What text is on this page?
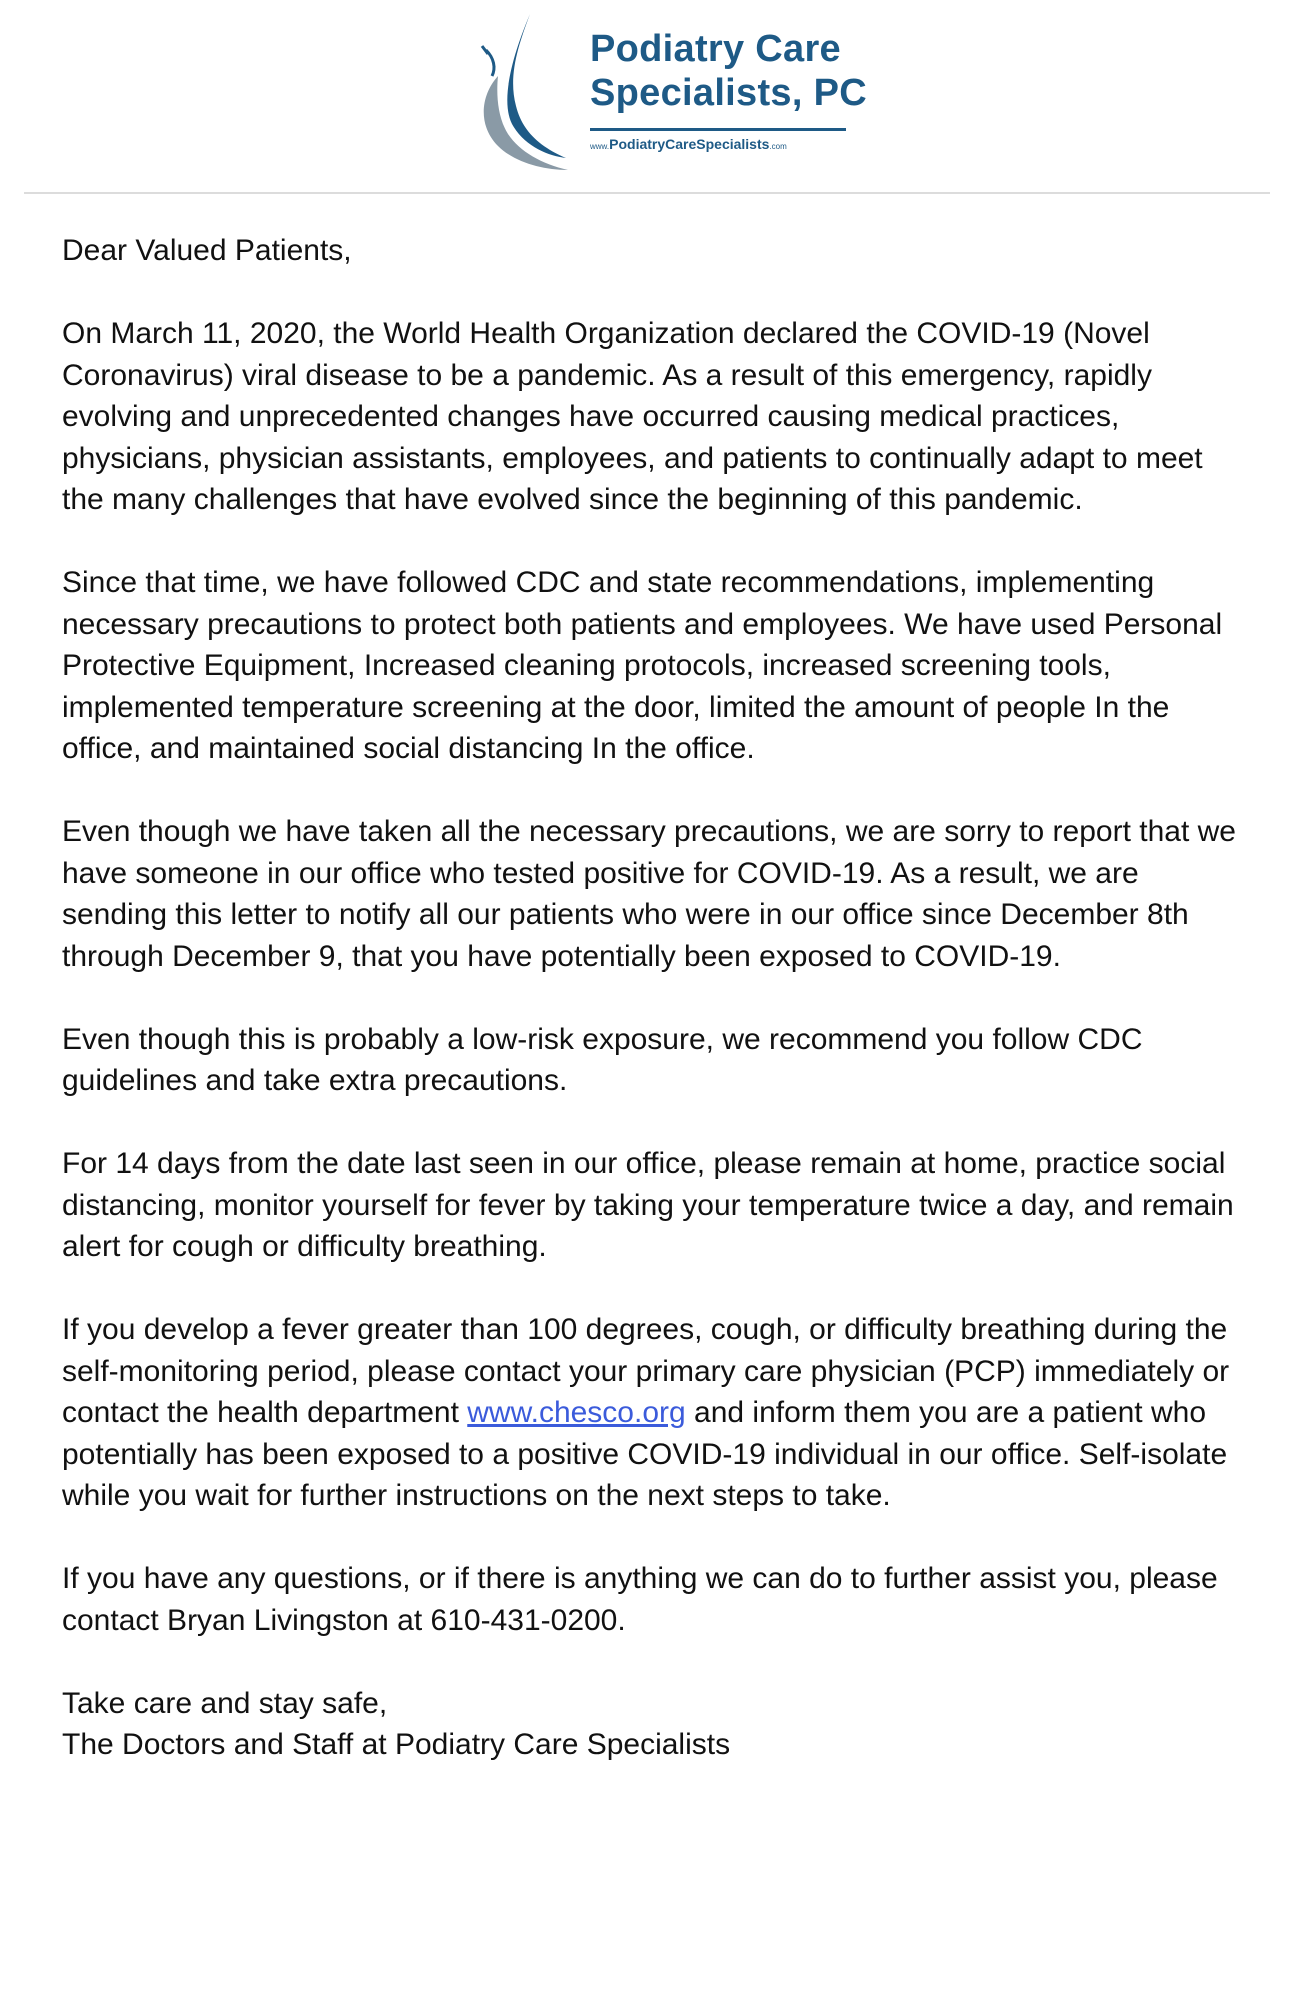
Podiatry Care
Specialists, PC
www.PodiatryCareSpecialists.com

Dear Valued Patients,

On March 11, 2020, the World Health Organization declared the COVID-19 (Novel Coronavirus) viral disease to be a pandemic. As a result of this emergency, rapidly evolving and unprecedented changes have occurred causing medical practices, physicians, physician assistants, employees, and patients to continually adapt to meet the many challenges that have evolved since the beginning of this pandemic.

Since that time, we have followed CDC and state recommendations, implementing necessary precautions to protect both patients and employees. We have used Personal Protective Equipment, Increased cleaning protocols, increased screening tools, implemented temperature screening at the door, limited the amount of people In the office, and maintained social distancing In the office.

Even though we have taken all the necessary precautions, we are sorry to report that we have someone in our office who tested positive for COVID-19. As a result, we are sending this letter to notify all our patients who were in our office since December 8th through December 9, that you have potentially been exposed to COVID-19.

Even though this is probably a low-risk exposure, we recommend you follow CDC guidelines and take extra precautions.

For 14 days from the date last seen in our office, please remain at home, practice social distancing, monitor yourself for fever by taking your temperature twice a day, and remain alert for cough or difficulty breathing.

If you develop a fever greater than 100 degrees, cough, or difficulty breathing during the self-monitoring period, please contact your primary care physician (PCP) immediately or contact the health department www.chesco.org and inform them you are a patient who potentially has been exposed to a positive COVID-19 individual in our office. Self-isolate while you wait for further instructions on the next steps to take.

If you have any questions, or if there is anything we can do to further assist you, please contact Bryan Livingston at 610-431-0200.

Take care and stay safe,
The Doctors and Staff at Podiatry Care Specialists
